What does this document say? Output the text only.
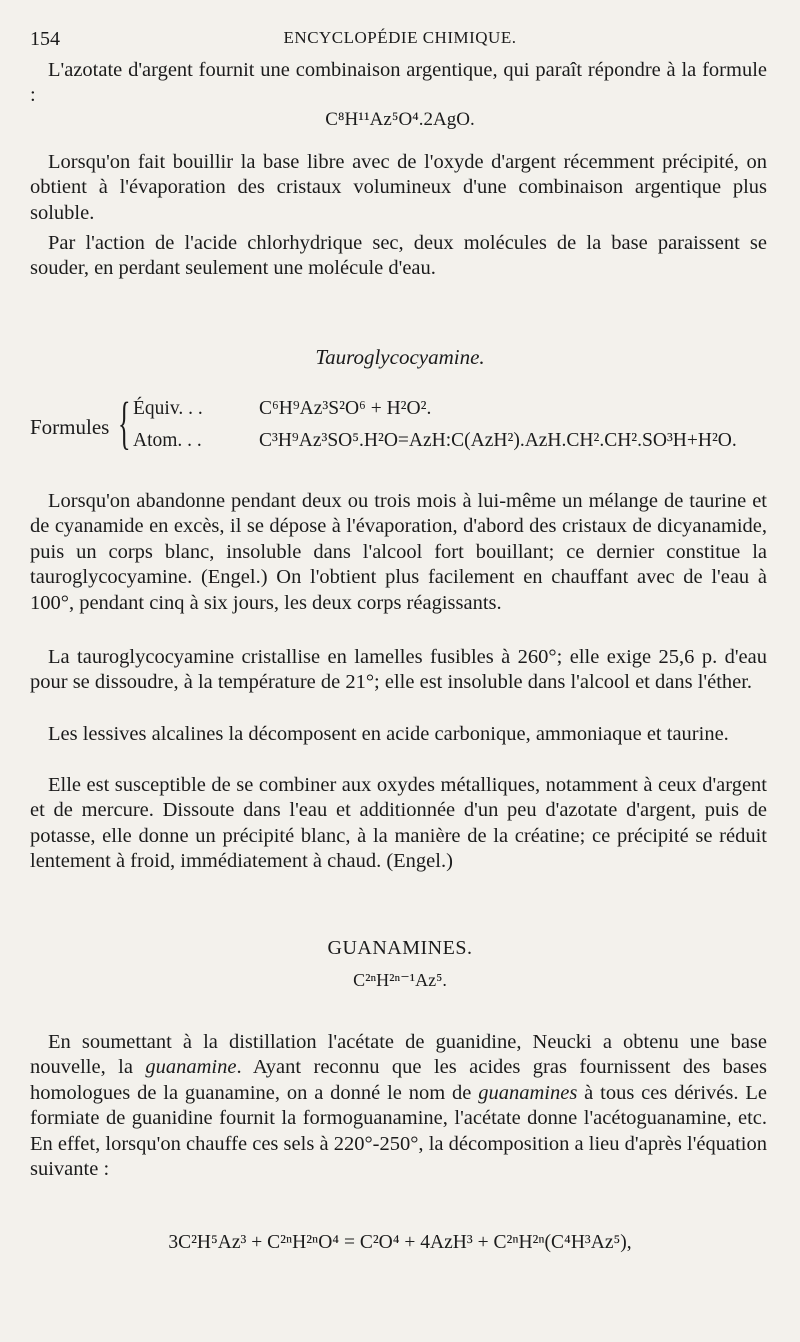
154	ENCYCLOPÉDIE CHIMIQUE.

L'azotate d'argent fournit une combinaison argentique, qui paraît répondre à la formule :

C⁸H¹¹Az⁵O⁴.2AgO.

Lorsqu'on fait bouillir la base libre avec de l'oxyde d'argent récemment précipité, on obtient à l'évaporation des cristaux volumineux d'une combinaison argentique plus soluble.

Par l'action de l'acide chlorhydrique sec, deux molécules de la base paraissent se souder, en perdant seulement une molécule d'eau.

Tauroglycocyamine.
Formules { Équiv. . .	C⁶H⁹Az³S²O⁶ + H²O².
Atom. . .	C³H⁹Az³SO⁵.H²O=AzH:C(AzH²).AzH.CH².CH².SO³H+H²O.

Lorsqu'on abandonne pendant deux ou trois mois à lui-même un mélange de taurine et de cyanamide en excès, il se dépose à l'évaporation, d'abord des cristaux de dicyanamide, puis un corps blanc, insoluble dans l'alcool fort bouillant; ce dernier constitue la tauroglycocyamine. (Engel.) On l'obtient plus facilement en chauffant avec de l'eau à 100°, pendant cinq à six jours, les deux corps réagissants.

La tauroglycocyamine cristallise en lamelles fusibles à 260°; elle exige 25,6 p. d'eau pour se dissoudre, à la température de 21°; elle est insoluble dans l'alcool et dans l'éther.

Les lessives alcalines la décomposent en acide carbonique, ammoniaque et taurine.

Elle est susceptible de se combiner aux oxydes métalliques, notamment à ceux d'argent et de mercure. Dissoute dans l'eau et additionnée d'un peu d'azotate d'argent, puis de potasse, elle donne un précipité blanc, à la manière de la créatine; ce précipité se réduit lentement à froid, immédiatement à chaud. (Engel.)

GUANAMINES.
C²ⁿH²ⁿ⁻¹Az⁵.

En soumettant à la distillation l'acétate de guanidine, Neucki a obtenu une base nouvelle, la guanamine. Ayant reconnu que les acides gras fournissent des bases homologues de la guanamine, on a donné le nom de guanamines à tous ces dérivés. Le formiate de guanidine fournit la formoguanamine, l'acétate donne l'acétoguanamine, etc. En effet, lorsqu'on chauffe ces sels à 220°-250°, la décomposition a lieu d'après l'équation suivante :

3C²H⁵Az³ + C²ⁿH²ⁿO⁴ = C²O⁴ + 4AzH³ + C²ⁿH²ⁿ(C⁴H³Az⁵),
